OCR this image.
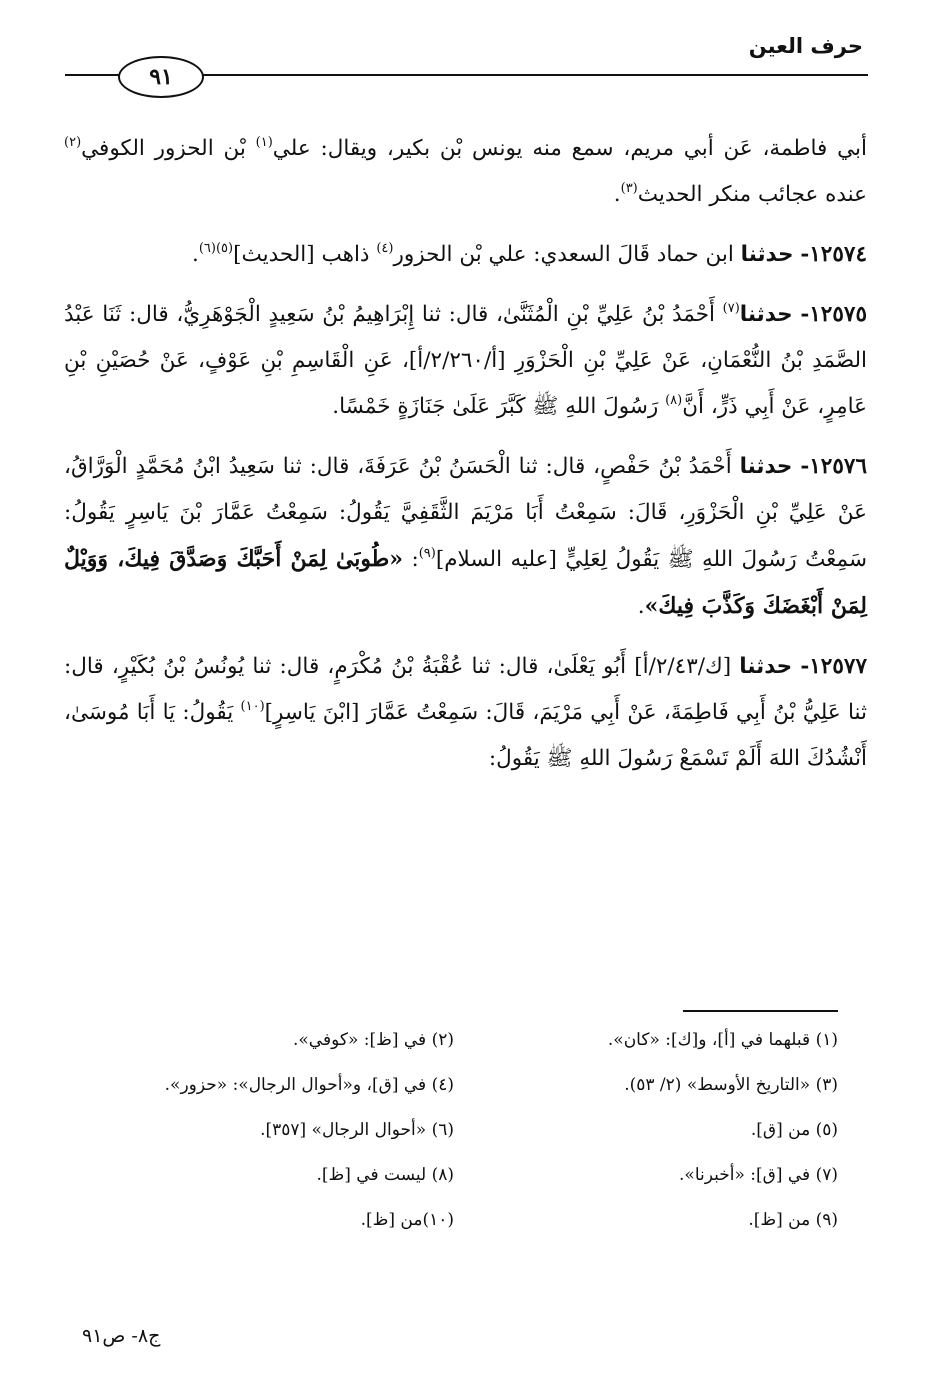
حرف العين
٩١

أبي فاطمة، عَن أبي مريم، سمع منه يونس بْن بكير، ويقال: علي$^{(١)}$ بْن الحزور الكوفي$^{(٢)}$ عنده عجائب منكر الحديث$^{(٣)}$.

١٢٥٧٤- حدثنا ابن حماد قَالَ السعدي: علي بْن الحزور$^{(٤)}$ ذاهب [الحديث]$^{(٥)(٦)}$.

١٢٥٧٥- حدثنا$^{(٧)}$ أَحْمَدُ بْنُ عَلِيِّ بْنِ الْمُثَنَّىٰ، قال: ثنا إِبْرَاهِيمُ بْنُ سَعِيدٍ الْجَوْهَرِيُّ، قال: ثَنَا عَبْدُ الصَّمَدِ بْنُ النُّعْمَانِ، عَنْ عَلِيِّ بْنِ الْحَزْوَرِ [أ/٢/٢٦٠/أ]، عَنِ الْقَاسِمِ بْنِ عَوْفٍ، عَنْ حُصَيْنِ بْنِ عَامِرٍ، عَنْ أَبِي ذَرٍّ، أَنَّ$^{(٨)}$ رَسُولَ اللهِ ﷺ كَبَّرَ عَلَىٰ جَنَازَةٍ خَمْسًا.

١٢٥٧٦- حدثنا أَحْمَدُ بْنُ حَفْصٍ، قال: ثنا الْحَسَنُ بْنُ عَرَفَةَ، قال: ثنا سَعِيدُ ابْنُ مُحَمَّدٍ الْوَرَّاقُ، عَنْ عَلِيِّ بْنِ الْحَزْوَرِ، قَالَ: سَمِعْتُ أَبَا مَرْيَمَ الثَّقَفِيَّ يَقُولُ: سَمِعْتُ عَمَّارَ بْنَ يَاسِرٍ يَقُولُ: سَمِعْتُ رَسُولَ اللهِ ﷺ يَقُولُ لِعَلِيٍّ [عليه السلام]$^{(٩)}$: «طُوبَىٰ لِمَنْ أَحَبَّكَ وَصَدَّقَ فِيكَ، وَوَيْلٌ لِمَنْ أَبْغَضَكَ وَكَذَّبَ فِيكَ».

١٢٥٧٧- حدثنا [ك/٢/٤٣/أ] أَبُو يَعْلَىٰ، قال: ثنا عُقْبَةُ بْنُ مُكْرَمٍ، قال: ثنا يُونُسُ بْنُ بُكَيْرٍ، قال: ثنا عَلِيُّ بْنُ أَبِي فَاطِمَةَ، عَنْ أَبِي مَرْيَمَ، قَالَ: سَمِعْتُ عَمَّارَ [ابْنَ يَاسِرٍ]$^{(١٠)}$ يَقُولُ: يَا أَبَا مُوسَىٰ، أَنْشُدُكَ اللهَ أَلَمْ تَسْمَعْ رَسُولَ اللهِ ﷺ يَقُولُ:

(١) قبلهما في [أ]، و[ك]: «كان».
(٢) في [ظ]: «كوفي».
(٣) «التاريخ الأوسط» (٢/ ٥٣).
(٤) في [ق]، و«أحوال الرجال»: «حزور».
(٥) من [ق].
(٦) «أحوال الرجال» [٣٥٧].
(٧) في [ق]: «أخبرنا».
(٨) ليست في [ظ].
(٩) من [ظ].
(١٠)من [ظ].
ج٨- ص٩١
